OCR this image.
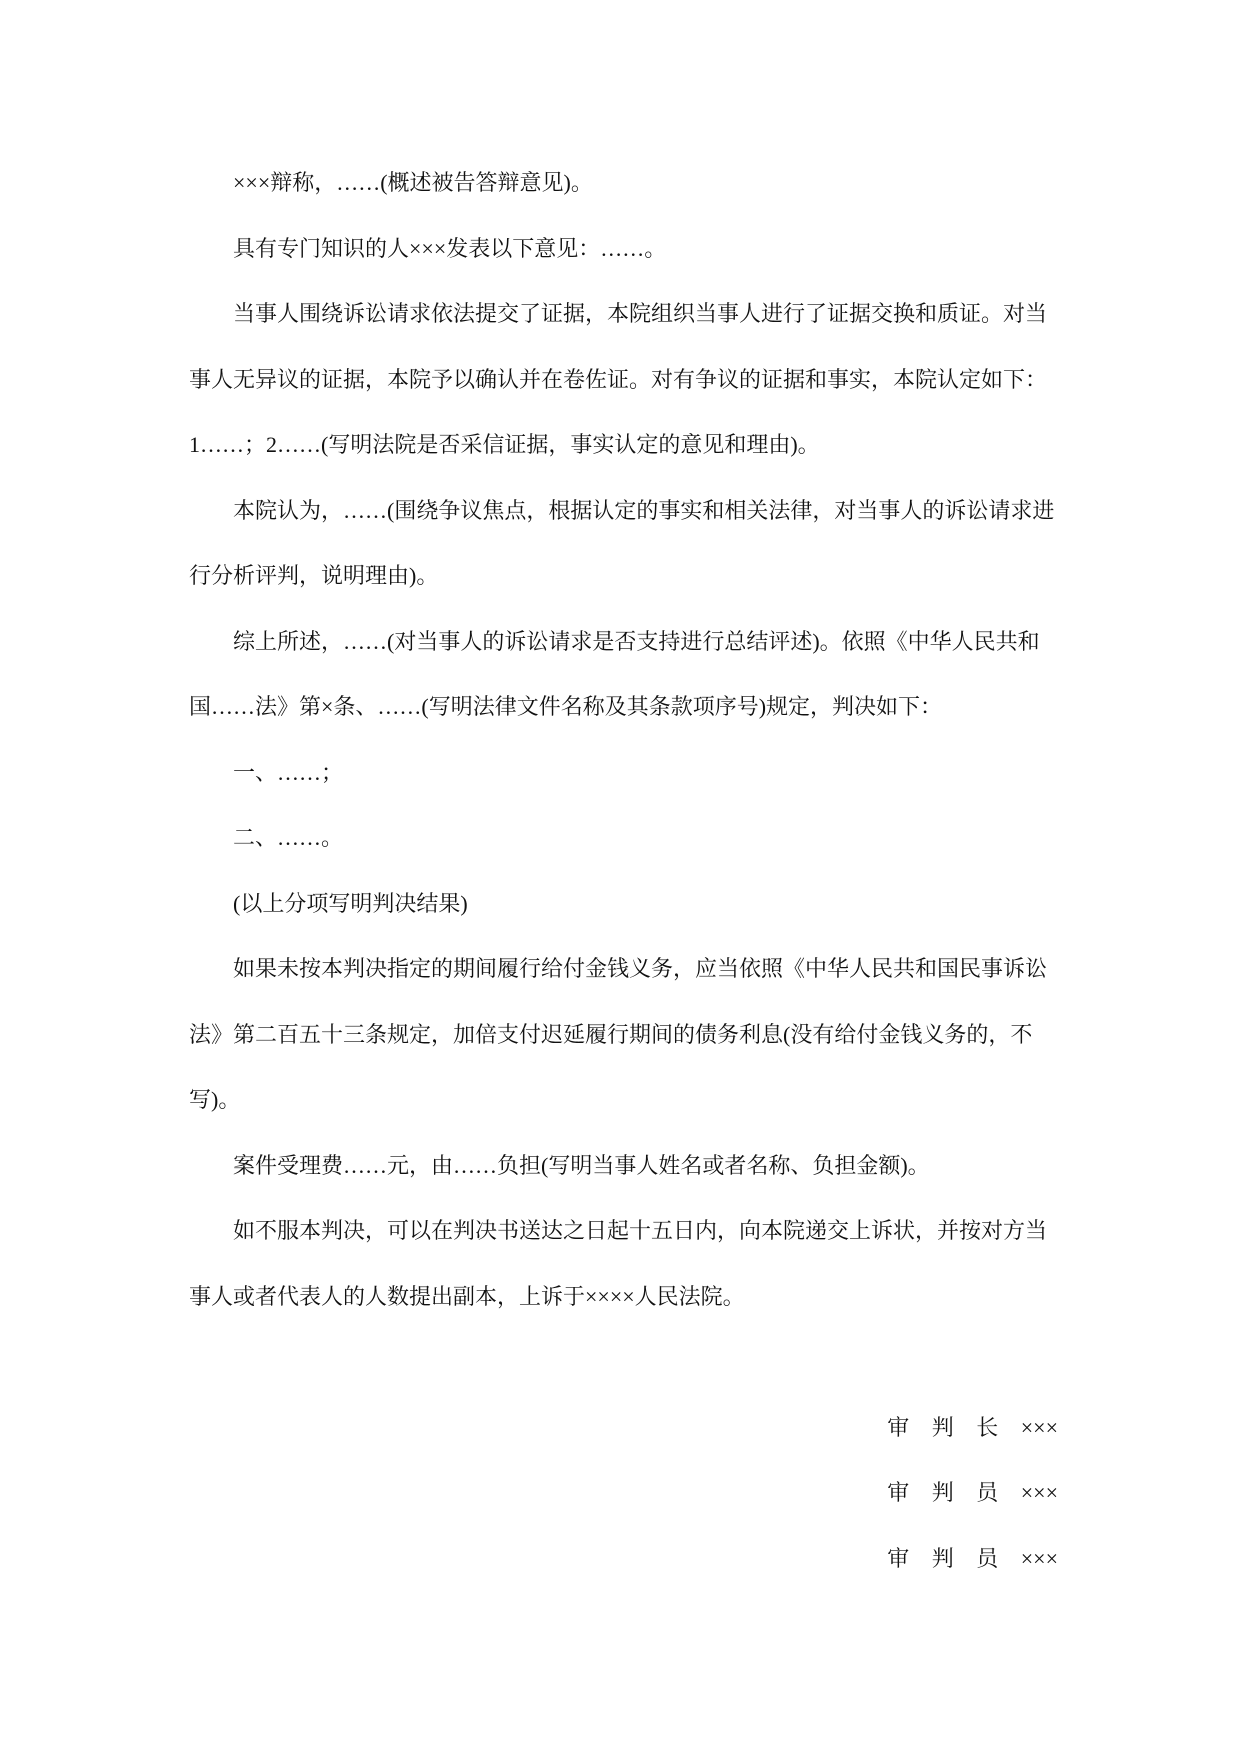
×××辩称，……(概述被告答辩意见)。
具有专门知识的人×××发表以下意见：……。
当事人围绕诉讼请求依法提交了证据，本院组织当事人进行了证据交换和质证。对当
事人无异议的证据，本院予以确认并在卷佐证。对有争议的证据和事实，本院认定如下：
1……；2……(写明法院是否采信证据，事实认定的意见和理由)。
本院认为，……(围绕争议焦点，根据认定的事实和相关法律，对当事人的诉讼请求进
行分析评判，说明理由)。
综上所述，……(对当事人的诉讼请求是否支持进行总结评述)。依照《中华人民共和
国……法》第×条、……(写明法律文件名称及其条款项序号)规定，判决如下：
一、……；
二、……。
(以上分项写明判决结果)
如果未按本判决指定的期间履行给付金钱义务，应当依照《中华人民共和国民事诉讼
法》第二百五十三条规定，加倍支付迟延履行期间的债务利息(没有给付金钱义务的，不
写)。
案件受理费……元，由……负担(写明当事人姓名或者名称、负担金额)。
如不服本判决，可以在判决书送达之日起十五日内，向本院递交上诉状，并按对方当
事人或者代表人的人数提出副本，上诉于××××人民法院。
审判长 ×××
审判员 ×××
审判员 ×××
